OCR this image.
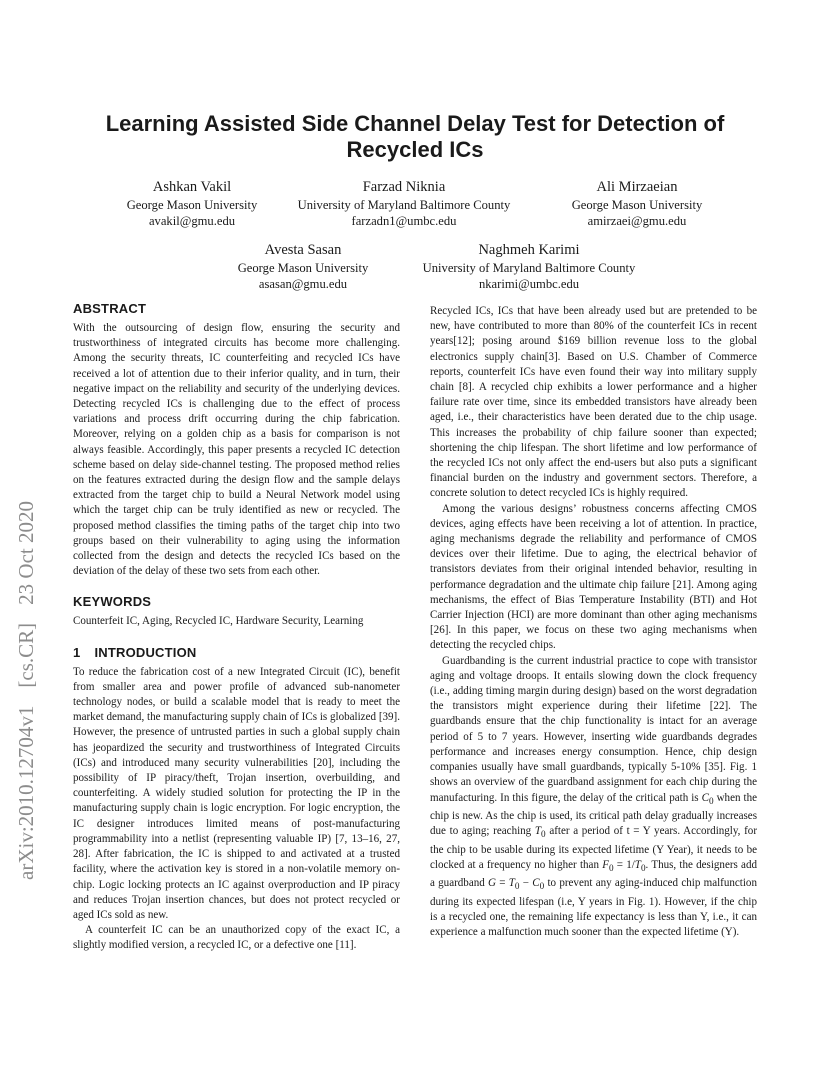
arXiv:2010.12704v1[cs.CR]23 Oct 2020
Learning Assisted Side Channel Delay Test for Detection of
Recycled ICs
Ashkan Vakil
George Mason University
avakil@gmu.edu
Farzad Niknia
University of Maryland Baltimore County
farzadn1@umbc.edu
Ali Mirzaeian
George Mason University
amirzaei@gmu.edu
Avesta Sasan
George Mason University
asasan@gmu.edu
Naghmeh Karimi
University of Maryland Baltimore County
nkarimi@umbc.edu
ABSTRACT

With the outsourcing of design flow, ensuring the security and trustworthiness of integrated circuits has become more challenging. Among the security threats, IC counterfeiting and recycled ICs have received a lot of attention due to their inferior quality, and in turn, their negative impact on the reliability and security of the underlying devices. Detecting recycled ICs is challenging due to the effect of process variations and process drift occurring during the chip fabrication. Moreover, relying on a golden chip as a basis for comparison is not always feasible. Accordingly, this paper presents a recycled IC detection scheme based on delay side-channel testing. The proposed method relies on the features extracted during the design flow and the sample delays extracted from the target chip to build a Neural Network model using which the target chip can be truly identified as new or recycled. The proposed method classifies the timing paths of the target chip into two groups based on their vulnerability to aging using the information collected from the design and detects the recycled ICs based on the deviation of the delay of these two sets from each other.

KEYWORDS

Counterfeit IC, Aging, Recycled IC, Hardware Security, Learning

1 INTRODUCTION

To reduce the fabrication cost of a new Integrated Circuit (IC), benefit from smaller area and power profile of advanced sub-nanometer technology nodes, or build a scalable model that is ready to meet the market demand, the manufacturing supply chain of ICs is globalized [39]. However, the presence of untrusted parties in such a global supply chain has jeopardized the security and trustworthiness of Integrated Circuits (ICs) and introduced many security vulnerabilities [20], including the possibility of IP piracy/theft, Trojan insertion, overbuilding, and counterfeiting. A widely studied solution for protecting the IP in the manufacturing supply chain is logic encryption. For logic encryption, the IC designer introduces limited means of post-manufacturing programmability into a netlist (representing valuable IP) [7, 13–16, 27, 28]. After fabrication, the IC is shipped to and activated at a trusted facility, where the activation key is stored in a non-volatile memory on-chip. Logic locking protects an IC against overproduction and IP piracy and reduces Trojan insertion chances, but does not protect recycled or aged ICs sold as new.

A counterfeit IC can be an unauthorized copy of the exact IC, a slightly modified version, a recycled IC, or a defective one [11].

Recycled ICs, ICs that have been already used but are pretended to be new, have contributed to more than 80% of the counterfeit ICs in recent years[12]; posing around $169 billion revenue loss to the global electronics supply chain[3]. Based on U.S. Chamber of Commerce reports, counterfeit ICs have even found their way into military supply chain [8]. A recycled chip exhibits a lower performance and a higher failure rate over time, since its embedded transistors have already been aged, i.e., their characteristics have been derated due to the chip usage. This increases the probability of chip failure sooner than expected; shortening the chip lifespan. The short lifetime and low performance of the recycled ICs not only affect the end-users but also puts a significant financial burden on the industry and government sectors. Therefore, a concrete solution to detect recycled ICs is highly required.

Among the various designs’ robustness concerns affecting CMOS devices, aging effects have been receiving a lot of attention. In practice, aging mechanisms degrade the reliability and performance of CMOS devices over their lifetime. Due to aging, the electrical behavior of transistors deviates from their original intended behavior, resulting in performance degradation and the ultimate chip failure [21]. Among aging mechanisms, the effect of Bias Temperature Instability (BTI) and Hot Carrier Injection (HCI) are more dominant than other aging mechanisms [26]. In this paper, we focus on these two aging mechanisms when detecting the recycled chips.

Guardbanding is the current industrial practice to cope with transistor aging and voltage droops. It entails slowing down the clock frequency (i.e., adding timing margin during design) based on the worst degradation the transistors might experience during their lifetime [22]. The guardbands ensure that the chip functionality is intact for an average period of 5 to 7 years. However, inserting wide guardbands degrades performance and increases energy consumption. Hence, chip design companies usually have small guardbands, typically 5-10% [35]. Fig. 1 shows an overview of the guardband assignment for each chip during the manufacturing. In this figure, the delay of the critical path is $C_0$ when the chip is new. As the chip is used, its critical path delay gradually increases due to aging; reaching $T_0$ after a period of t = Y years. Accordingly, for the chip to be usable during its expected lifetime (Y Year), it needs to be clocked at a frequency no higher than $F_0 = 1/T_0$. Thus, the designers add a guardband $G = T_0 - C_0$ to prevent any aging-induced chip malfunction during its expected lifespan (i.e, Y years in Fig. 1). However, if the chip is a recycled one, the remaining life expectancy is less than Y, i.e., it can experience a malfunction much sooner than the expected lifetime (Y).
